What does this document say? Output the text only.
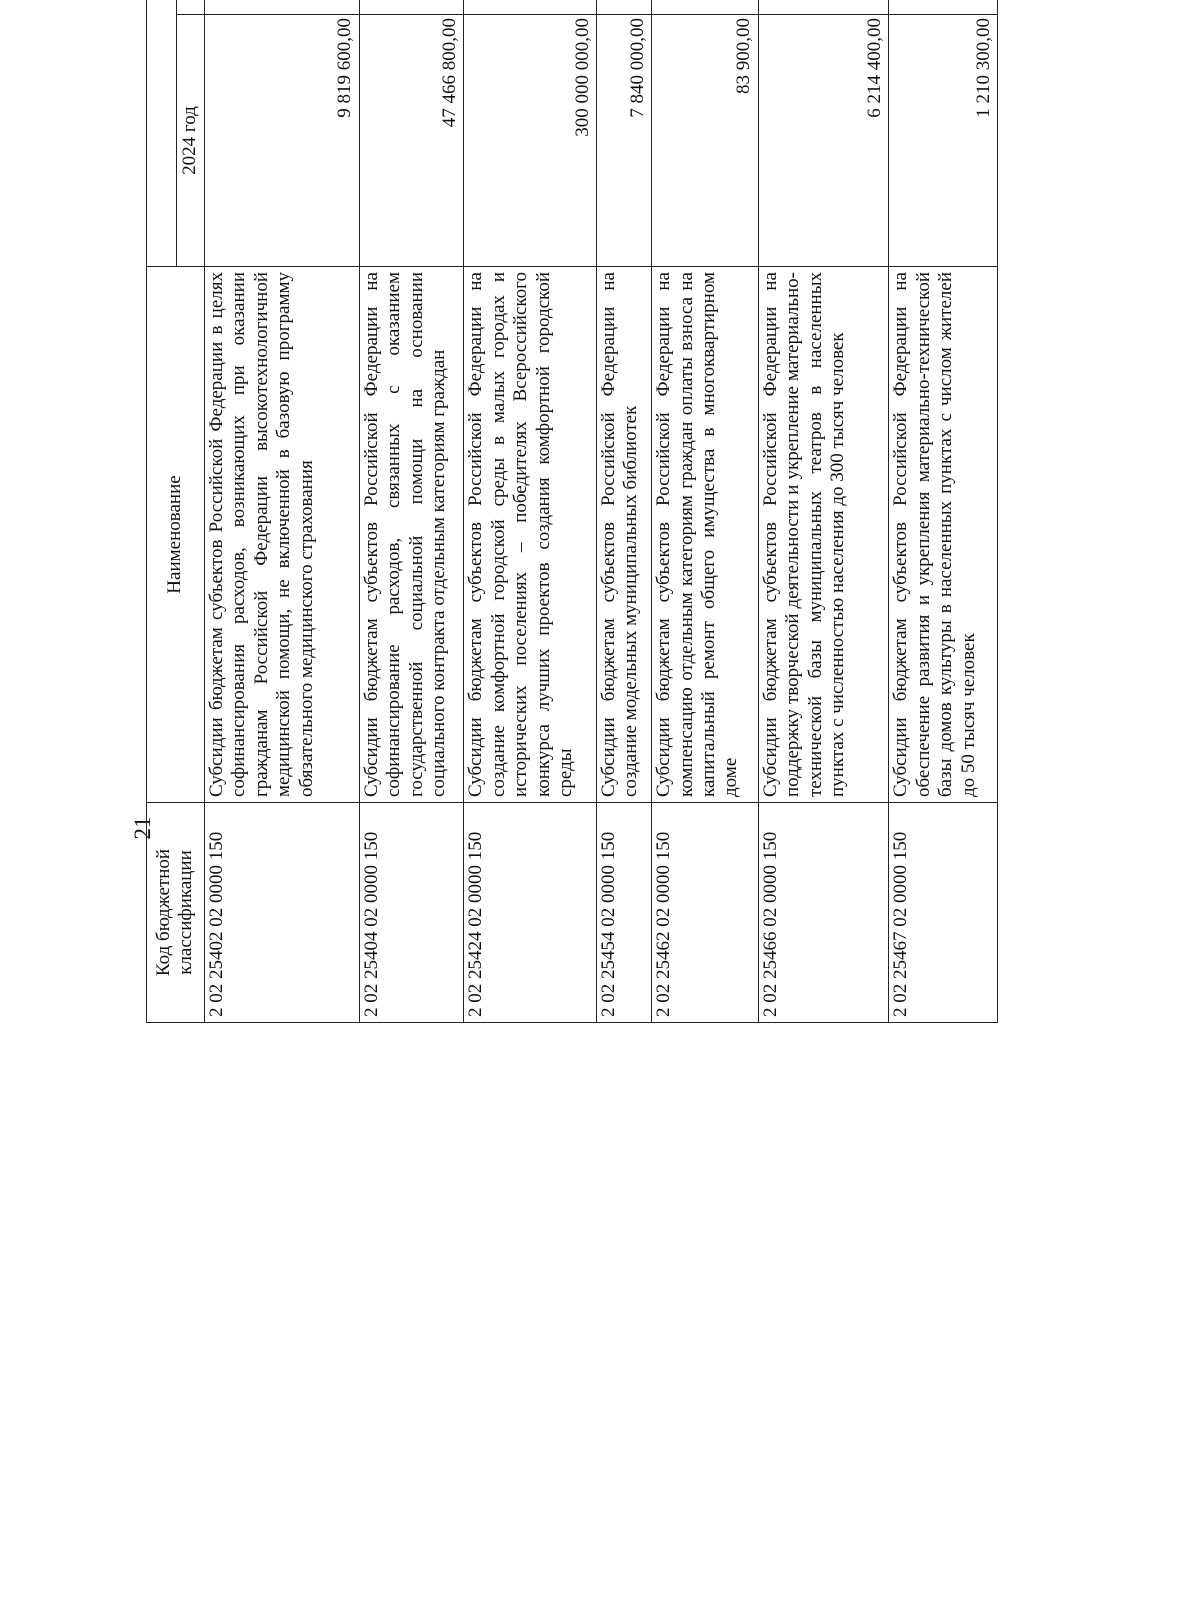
21
Код бюджетной классификации	Наименование	
		2024 год		
2 02 25402 02 0000 150	Субсидии бюджетам субъектов Российской Федерации в целях софинансирования расходов, возникающих при оказании гражданам Российской Федерации высокотехнологичной медицинской помощи, не включенной в базовую программу обязательного медицинского страхования	9 819 600,00		
2 02 25404 02 0000 150	Субсидии бюджетам субъектов Российской Федерации на софинансирование расходов, связанных с оказанием государственной социальной помощи на основании социального контракта отдельным категориям граждан	47 466 800,00		
2 02 25424 02 0000 150	Субсидии бюджетам субъектов Российской Федерации на создание комфортной городской среды в малых городах и исторических поселениях – победителях Всероссийского конкурса лучших проектов создания комфортной городской среды	300 000 000,00		
2 02 25454 02 0000 150	Субсидии бюджетам субъектов Российской Федерации на создание модельных муниципальных библиотек	7 840 000,00		
2 02 25462 02 0000 150	Субсидии бюджетам субъектов Российской Федерации на компенсацию отдельным категориям граждан оплаты взноса на капитальный ремонт общего имущества в многоквартирном доме	83 900,00		
2 02 25466 02 0000 150	Субсидии бюджетам субъектов Российской Федерации на поддержку творческой деятельности и укрепление материально-технической базы муниципальных театров в населенных пунктах с численностью населения до 300 тысяч человек	6 214 400,00		
2 02 25467 02 0000 150	Субсидии бюджетам субъектов Российской Федерации на обеспечение развития и укрепления материально-технической базы домов культуры в населенных пунктах с числом жителей до 50 тысяч человек	1 210 300,00		
